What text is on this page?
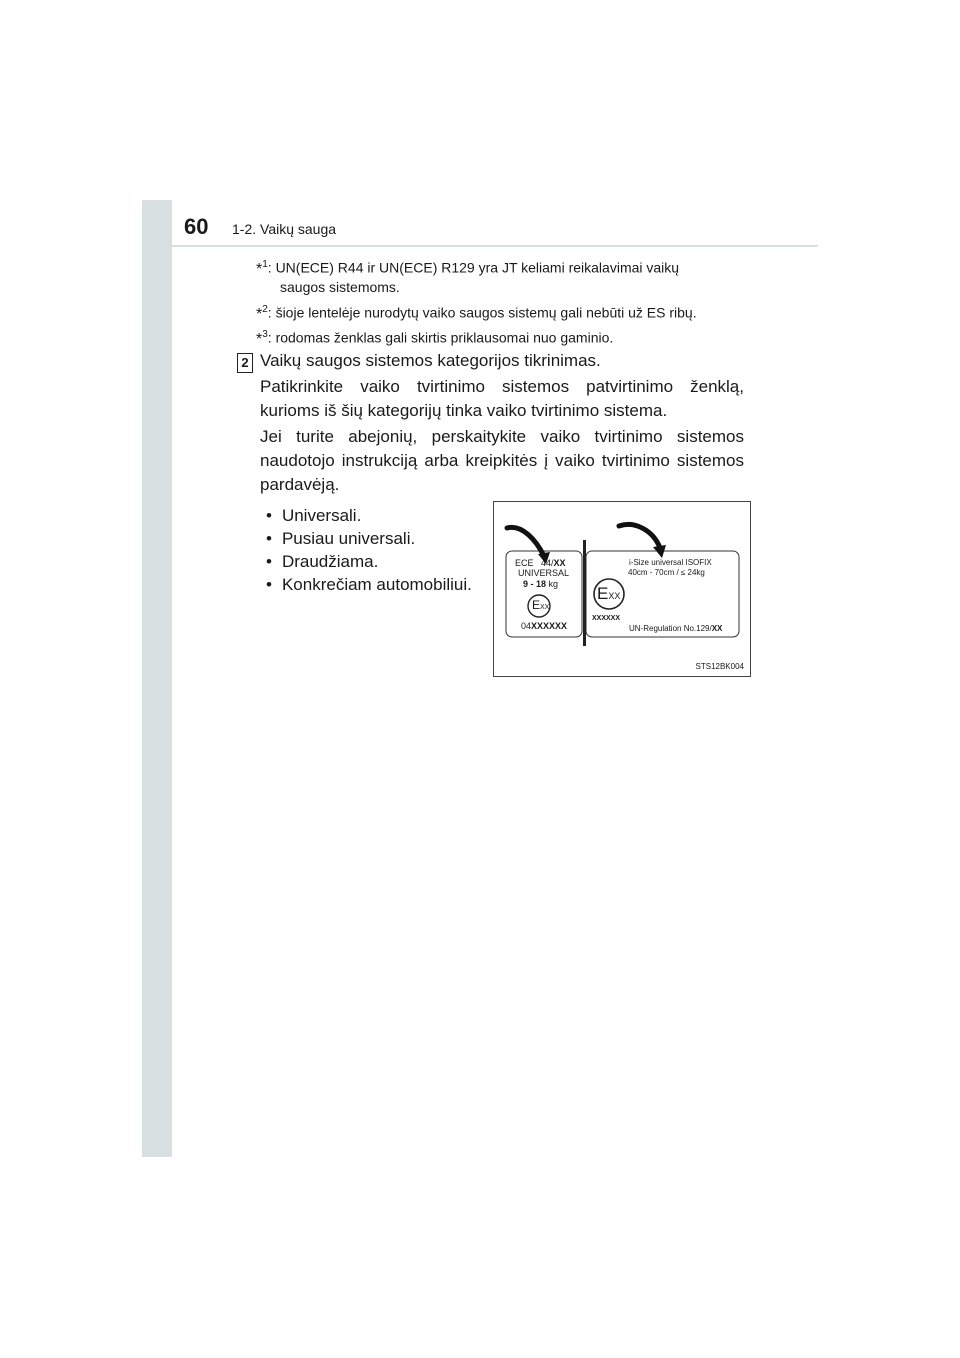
60 1-2. Vaikų sauga
*$^1$: UN(ECE) R44 ir UN(ECE) R129 yra JT keliami reikalavimai vaikų
saugos sistemoms.
*$^2$: šioje lentelėje nurodytų vaiko saugos sistemų gali nebūti už ES ribų.
*$^3$: rodomas ženklas gali skirtis priklausomai nuo gaminio.
2 Vaikų saugos sistemos kategorijos tikrinimas.
Patikrinkite vaiko tvirtinimo sistemos patvirtinimo ženklą, kurioms iš šių kategorijų tinka vaiko tvirtinimo sistema.
Jei turite abejonių, perskaitykite vaiko tvirtinimo sistemos naudotojo instrukciją arba kreipkitės į vaiko tvirtinimo sistemos pardavėją.
• Universali.
• Pusiau universali.
• Draudžiama.
• Konkrečiam automobiliui.
ECE 44/XX
UNIVERSAL
9 - 18 kg
EXX
04XXXXXX
i-Size universal ISOFIX
40cm - 70cm / ≤ 24kg
EXX
XXXXXX
UN-Regulation No.129/XX
STS12BK004
